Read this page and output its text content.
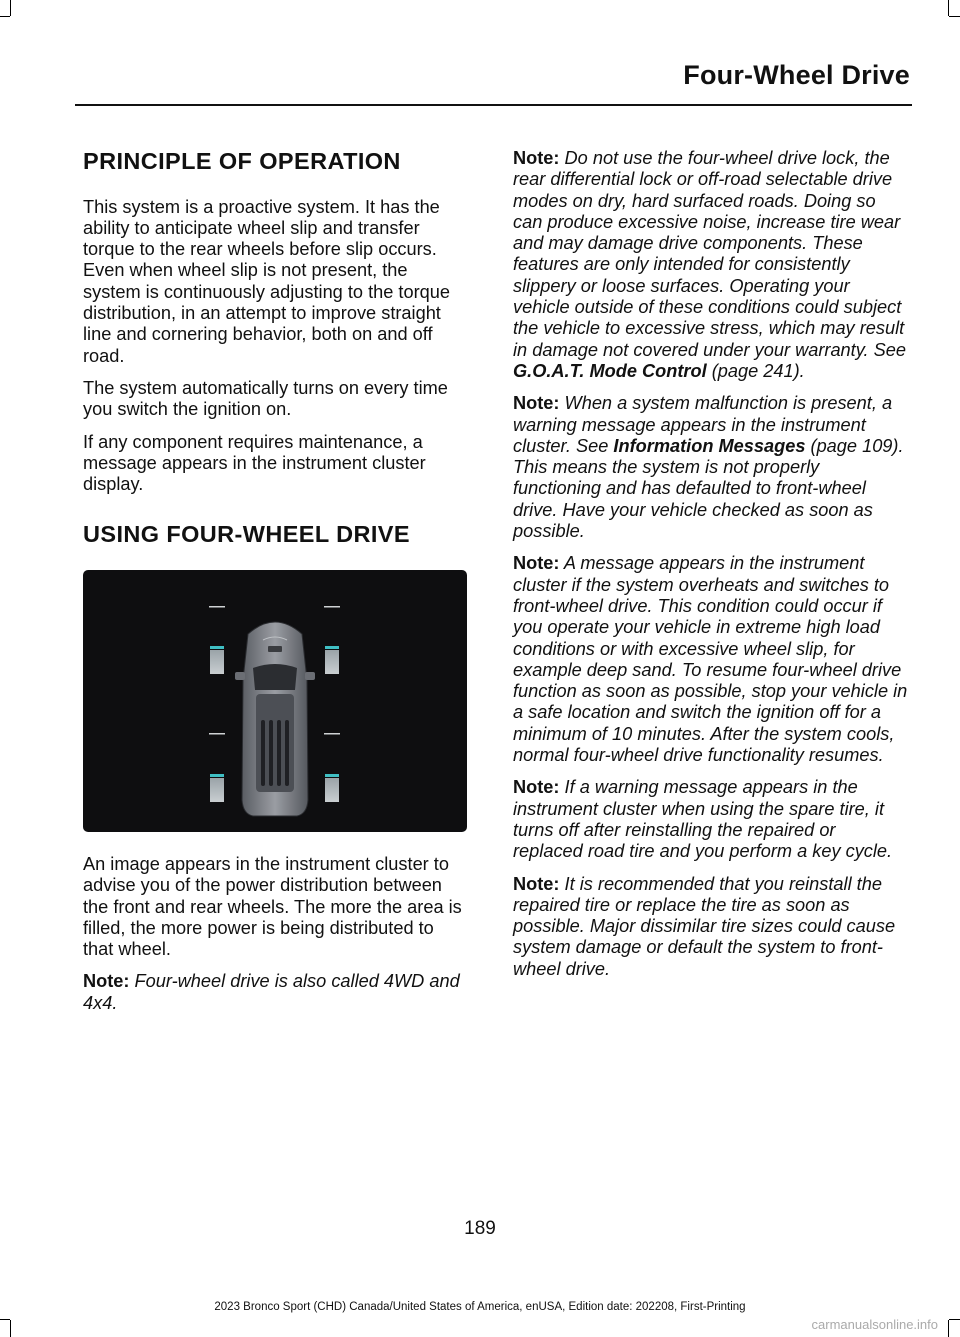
Four-Wheel Drive
PRINCIPLE OF OPERATION

This system is a proactive system. It has the ability to anticipate wheel slip and transfer torque to the rear wheels before slip occurs. Even when wheel slip is not present, the system is continuously adjusting to the torque distribution, in an attempt to improve straight line and cornering behavior, both on and off road.

The system automatically turns on every time you switch the ignition on.

If any component requires maintenance, a message appears in the instrument cluster display.

USING FOUR-WHEEL DRIVE

An image appears in the instrument cluster to advise you of the power distribution between the front and rear wheels. The more the area is filled, the more power is being distributed to that wheel.

Note: Four-wheel drive is also called 4WD and 4x4.

Note: Do not use the four-wheel drive lock, the rear differential lock or off-road selectable drive modes on dry, hard surfaced roads. Doing so can produce excessive noise, increase tire wear and may damage drive components. These features are only intended for consistently slippery or loose surfaces. Operating your vehicle outside of these conditions could subject the vehicle to excessive stress, which may result in damage not covered under your warranty. See G.O.A.T. Mode Control (page 241).

Note: When a system malfunction is present, a warning message appears in the instrument cluster. See Information Messages (page 109). This means the system is not properly functioning and has defaulted to front-wheel drive. Have your vehicle checked as soon as possible.

Note: A message appears in the instrument cluster if the system overheats and switches to front-wheel drive. This condition could occur if you operate your vehicle in extreme high load conditions or with excessive wheel slip, for example deep sand. To resume four-wheel drive function as soon as possible, stop your vehicle in a safe location and switch the ignition off for a minimum of 10 minutes. After the system cools, normal four-wheel drive functionality resumes.

Note: If a warning message appears in the instrument cluster when using the spare tire, it turns off after reinstalling the repaired or replaced road tire and you perform a key cycle.

Note: It is recommended that you reinstall the repaired tire or replace the tire as soon as possible. Major dissimilar tire sizes could cause system damage or default the system to front-wheel drive.

189
2023 Bronco Sport (CHD) Canada/United States of America, enUSA, Edition date: 202208, First-Printing
carmanualsonline.info
